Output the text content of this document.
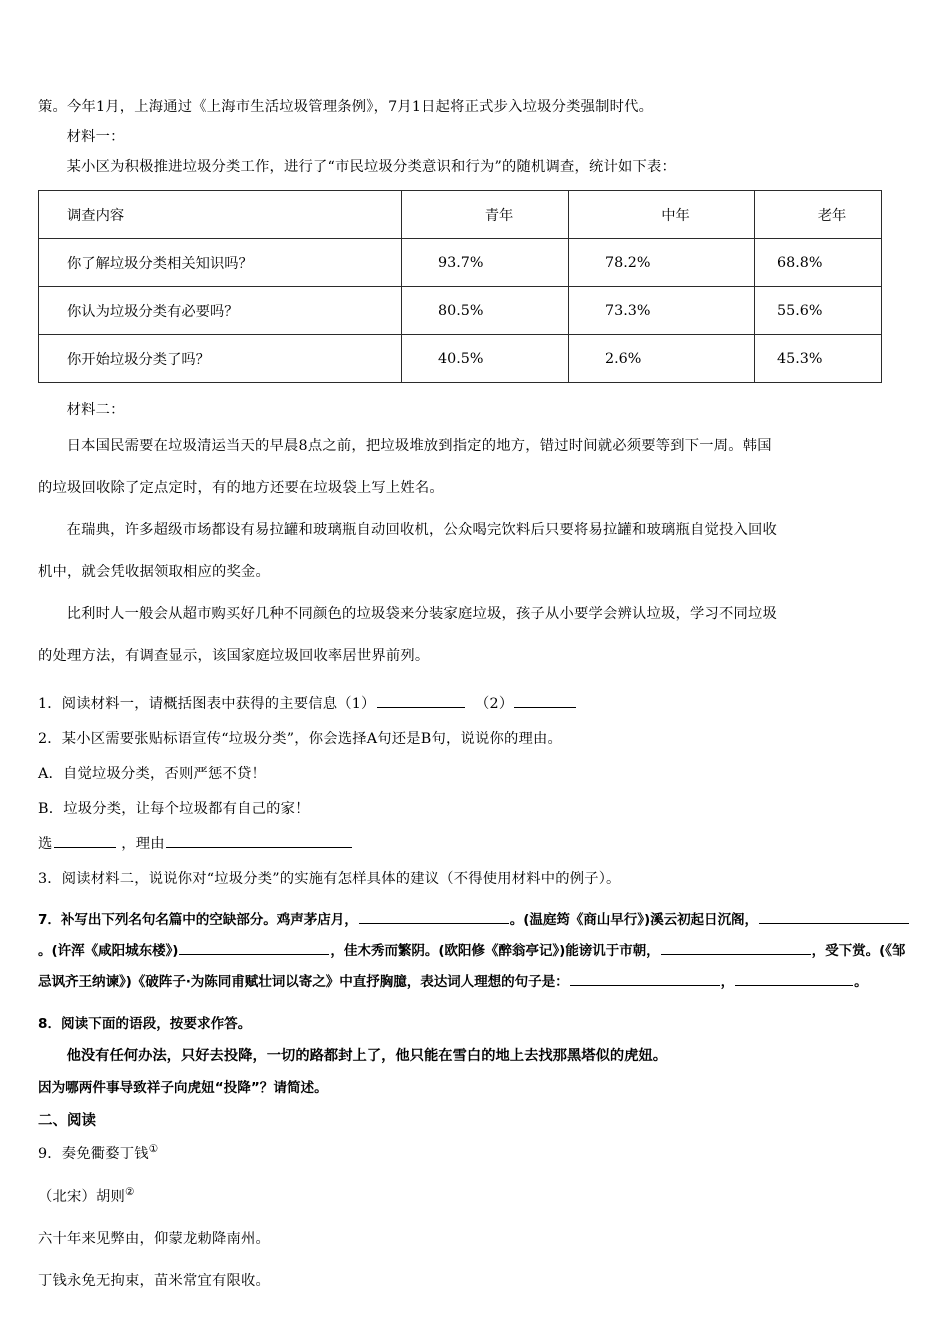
策。今年1月，上海通过《上海市生活垃圾管理条例》，7月1日起将正式步入垃圾分类强制时代。
材料一：
某小区为积极推进垃圾分类工作，进行了“市民垃圾分类意识和行为”的随机调查，统计如下表：
调查内容	青年	中年	老年
你了解垃圾分类相关知识吗？	93.7%	78.2%	68.8%
你认为垃圾分类有必要吗？	80.5%	73.3%	55.6%
你开始垃圾分类了吗？	40.5%	2.6%	45.3%
材料二：
日本国民需要在垃圾清运当天的早晨8点之前，把垃圾堆放到指定的地方，错过时间就必须要等到下一周。韩国
的垃圾回收除了定点定时，有的地方还要在垃圾袋上写上姓名。
在瑞典，许多超级市场都设有易拉罐和玻璃瓶自动回收机，公众喝完饮料后只要将易拉罐和玻璃瓶自觉投入回收
机中，就会凭收据领取相应的奖金。
比利时人一般会从超市购买好几种不同颜色的垃圾袋来分装家庭垃圾，孩子从小要学会辨认垃圾，学习不同垃圾
的处理方法，有调查显示，该国家庭垃圾回收率居世界前列。
1．阅读材料一，请概括图表中获得的主要信息（1）	（2）
2．某小区需要张贴标语宣传“垃圾分类”，你会选择A句还是B句，说说你的理由。
A．自觉垃圾分类，否则严惩不贷！
B．垃圾分类，让每个垃圾都有自己的家！
选	，理由
3．阅读材料二，说说你对“垃圾分类”的实施有怎样具体的建议（不得使用材料中的例子）。
7．补写出下列名句名篇中的空缺部分。鸡声茅店月，	。(温庭筠《商山早行》)溪云初起日沉阁，。(许浑《咸阳城东楼》)	，佳木秀而繁阴。(欧阳修《醉翁亭记》)能谤讥于市朝，	，受下赏。(《邹忌讽齐王纳谏》)《破阵子·为陈同甫赋壮词以寄之》中直抒胸臆，表达词人理想的句子是：	，	。
8．阅读下面的语段，按要求作答。
他没有任何办法，只好去投降，一切的路都封上了，他只能在雪白的地上去找那黑塔似的虎妞。
因为哪两件事导致祥子向虎妞“投降”？请简述。
二、阅读
9．奏免衢婺丁钱①
（北宋）胡则②
六十年来见弊由，仰蒙龙勅降南州。
丁钱永免无拘束，苗米常宜有限收。
